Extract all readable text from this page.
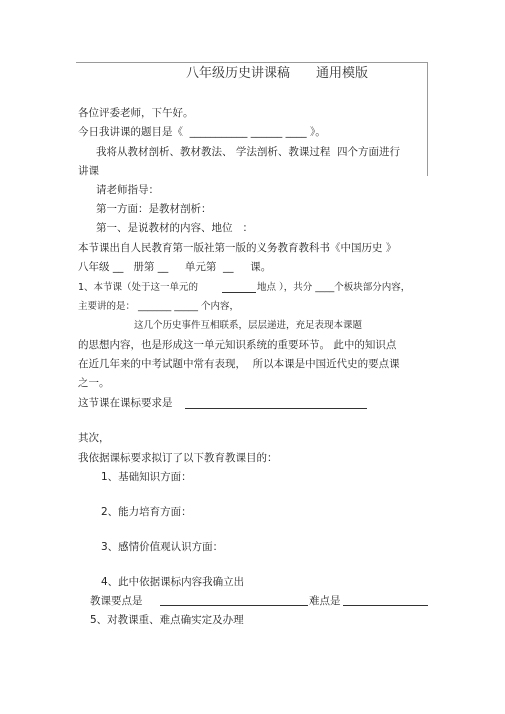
八年级历史讲课稿　　通用模版
各位评委老师，下午好。
今日我讲课的题目是《  ___________ ______ ____ 》。
我将从教材剖析、教材教法、 学法剖析、教课过程  四个方面进行
讲课
请老师指导：
第一方面：是教材剖析：
第一、是说教材的内容、地位   ：
本节课出自人民教育第一版社第一版的义务教育教科书《中国历史 》
八年级 __   册第 __     单元第  __     课。
1、本节课（处于这一单元的	地点 ），共分 ____个板块部分内容，
主要讲的是： _______ _____ 个内容，
这几个历史事件互相联系，层层递进，充足表现本课题
的思想内容，也是形成这一单元知识系统的重要环节。 此中的知识点
在近几年来的中考试题中常有表现，  所以本课是中国近代史的要点课
之一。
这节课在课标要求是
其次，
我依据课标要求拟订了以下教育教课目的：
1、基础知识方面：
2、能力培育方面：
3、感情价值观认识方面：
4、此中依据课标内容我确立出
教课要点是	难点是
5、对教课重、难点确实定及办理
